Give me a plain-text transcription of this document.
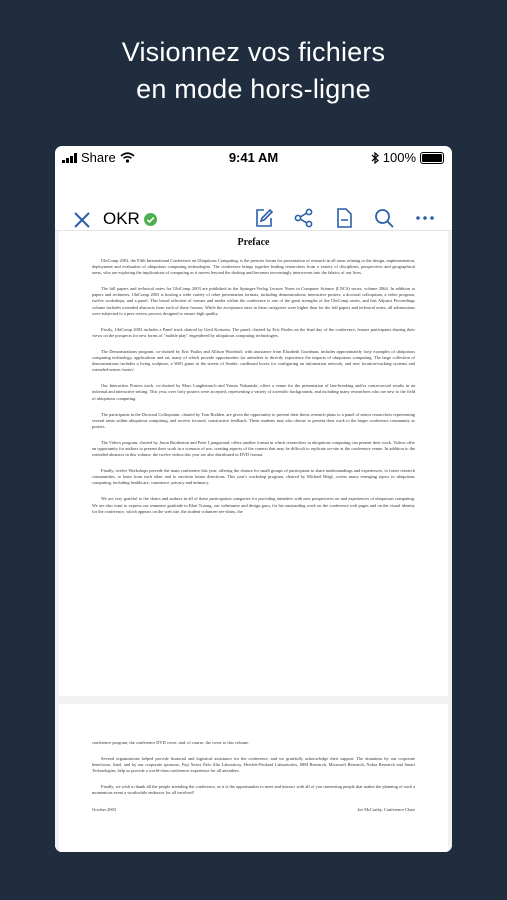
Visionnez vos fichiers
en mode hors-ligne
Share	9:41 AM	100%
OKR
Preface

UbiComp 2003, the Fifth International Conference on Ubiquitous Computing, is the premier forum for presentation of research in all areas relating to the design, implementation, deployment and evaluation of ubiquitous computing technologies. The conference brings together leading researchers from a variety of disciplines, perspectives and geographical areas, who are exploring the implications of computing as it moves beyond the desktop and becomes increasingly interwoven into the fabrics of our lives.

The full papers and technical notes for UbiComp 2003 are published in the Springer-Verlag Lecture Notes in Computer Science (LNCS) series, volume 2864. In addition to papers and technotes, UbiComp 2003 is hosting a wide variety of other presentation formats, including demonstrations, interactive posters, a doctoral colloquium, a video program, twelve workshops, and a panel. This broad selection of venues and media within the conference is one of the great strengths of the UbiComp series, and this Adjunct Proceedings volume includes extended abstracts from each of these forums. While the acceptance rates in these categories were higher than for the full papers and technical notes, all submissions were subjected to a peer review process designed to ensure high quality.

Firstly, UbiComp 2003 includes a Panel track chaired by Gerd Kortuem. The panel, chaired by Eric Paulos on the final day of the conference, feature participants sharing their views on the prospects for new forms of "mobile play" engendered by ubiquitous computing technologies.

The Demonstrations program, co-chaired by Eric Paulos and Allison Woodruff, with assistance from Elizabeth Goodman, includes approximately forty examples of ubiquitous computing technology, applications and art, many of which provide opportunities for attendees to directly experience the impacts of ubiquitous computing. The large collection of demonstrations includes a living sculpture, a WiFi game in the streets of Seattle, cardboard boxes for configuring an information network, and new location-tracking systems and extended-senses 'motes'.

Our Interactive Posters track, co-chaired by Marc Langheinrich and Yasuto Nakanishi, offers a venue for the presentation of late-breaking and/or controversial results in an informal and interactive setting. This year, over forty posters were accepted, representing a variety of scientific backgrounds, and including many researchers who are new to the field of ubiquitous computing.

The participants in the Doctoral Colloquium, chaired by Tom Rodden, are given the opportunity to present their thesis research plans to a panel of senior researchers representing several areas within ubiquitous computing, and receive focused, constructive feedback. These students may also choose to present their work to the larger conference community as posters.

The Videos program, chaired by Jason Brotherton and Peter Ljungstrand, offers another format in which researchers in ubiquitous computing can present their work. Videos offer an opportunity for authors to present their work in a scenario of use, creating aspects of the context that may be difficult to replicate on-site at the conference venue. In addition to the extended abstracts in this volume, the twelve videos this year are also distributed in DVD format.

Finally, twelve Workshops precede the main conference this year, offering the chance for small groups of participants to share understandings and experiences, to foster research communities, to learn from each other and to envision future directions. This year's workshop program, chaired by Michael Beigl, covers many emerging topics in ubiquitous computing, including healthcare, commerce, privacy and intimacy.

We are very grateful to the chairs and authors in all of these participation categories for providing attendees with new perspectives on and experiences of ubiquitous computing. We are also want to express our immense gratitude to Khai Truong, our webmaster and design guru, for his outstanding work on the conference web pages and on the visual identity for the conference, which appears on the web site, the student volunteer tee-shirts, the

conference program, the conference DVD cover, and, of course, the cover to this volume.

Several organizations helped provide financial and logistical assistance for the conference, and we gratefully acknowledge their support. The donations by our corporate benefactor, Intel, and by our corporate sponsors, Fuji Xerox Palo Alto Laboratory, Hewlett-Packard Laboratories, IBM Research, Microsoft Research, Nokia Research and Smart Technologies, help us provide a world-class conference experience for all attendees.

Finally, we wish to thank all the people attending the conference, as it is the opportunities to meet and interact with all of you interesting people that makes the planning of such a momentous event a worthwhile endeavor for all involved!

October 2003	Joe McCarthy, Conference Chair
